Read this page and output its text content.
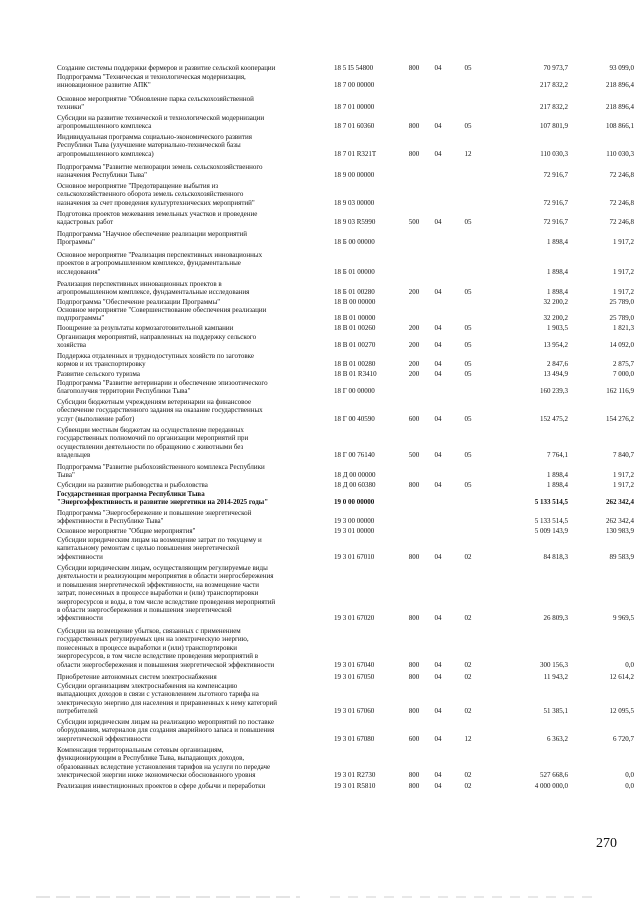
Создание системы поддержки фермеров и развитие сельской кооперации	18 5 I5 54800	800	04	05	70 973,7	93 099,0
Подпрограмма "Техническая и технологическая модернизация,
инновационное развитие АПК"	18 7 00 00000	217 832,2	218 896,4
Основное мероприятие "Обновление парка сельскохозяйственной
техники"	18 7 01 00000	217 832,2	218 896,4
Субсидии на развитие технической и технологической модернизации
агропромышленного комплекса	18 7 01 60360	800	04	05	107 801,9	108 866,1
Индивидуальная программа социально-экономического развития
Республики Тыва (улучшение материально-технической базы
агропромышленного комплекса)	18 7 01 R321T	800	04	12	110 030,3	110 030,3
Подпрограмма "Развитие мелиорации земель сельскохозяйственного
назначения Республики Тыва"	18 9 00 00000	72 916,7	72 246,8
Основное мероприятие "Предотвращение выбытия из
сельскохозяйственного оборота земель сельскохозяйственного
назначения за счет проведения культуртехнических мероприятий"	18 9 03 00000	72 916,7	72 246,8
Подготовка проектов межевания земельных участков и проведение
кадастровых работ	18 9 03 R5990	500	04	05	72 916,7	72 246,8
Подпрограмма "Научное обеспечение реализации мероприятий
Программы"	18 Б 00 00000	1 898,4	1 917,2
Основное мероприятие "Реализация перспективных инновационных
проектов в агропромышленном комплексе, фундаментальные
исследования"	18 Б 01 00000	1 898,4	1 917,2
Реализация перспективных инновационных проектов в
агропромышленном комплексе, фундаментальные исследования	18 Б 01 00280	200	04	05	1 898,4	1 917,2
Подпрограмма "Обеспечение реализации Программы"	18 В 00 00000	32 200,2	25 789,0
Основное мероприятие "Совершенствование обеспечения реализации
подпрограммы"	18 В 01 00000	32 200,2	25 789,0
Поощрение за результаты кормозаготовительной кампании	18 В 01 00260	200	04	05	1 903,5	1 821,3
Организация мероприятий, направленных на поддержку сельского
хозяйства	18 В 01 00270	200	04	05	13 954,2	14 092,0
Поддержка отдаленных и труднодоступных хозяйств по заготовке
кормов и их транспортировку	18 В 01 00280	200	04	05	2 847,6	2 875,7
Развитие сельского туризма	18 В 01 R3410	200	04	05	13 494,9	7 000,0
Подпрограмма "Развитие ветеринарии и обеспечение эпизоотического
благополучия территории Республики Тыва"	18 Г 00 00000	160 239,3	162 116,9
Субсидии бюджетным учреждениям ветеринарии на финансовое
обеспечение государственного задания на оказание государственных
услуг (выполнение работ)	18 Г 00 40590	600	04	05	152 475,2	154 276,2
Субвенции местным бюджетам на осуществление переданных
государственных полномочий по организации мероприятий при
осуществлении деятельности по обращению с животными без
владельцев	18 Г 00 76140	500	04	05	7 764,1	7 840,7
Подпрограмма "Развитие рыбохозяйственного комплекса Республики
Тыва"	18 Д 00 00000	1 898,4	1 917,2
Субсидии на развитие рыбоводства и рыболовства	18 Д 00 60380	800	04	05	1 898,4	1 917,2
Государственная программа Республики Тыва
"Энергоэффективность и развитие энергетики на 2014-2025 годы"	19 0 00 00000	5 133 514,5	262 342,4
Подпрограмма "Энергосбережение и повышение энергетической
эффективности в Республике Тыва"	19 3 00 00000	5 133 514,5	262 342,4
Основное мероприятие "Общие мероприятия"	19 3 01 00000	5 009 143,9	130 983,9
Субсидии юридическим лицам на возмещение затрат по текущему и
капитальному ремонтам с целью повышения энергетической
эффективности	19 3 01 67010	800	04	02	84 818,3	89 583,9
Субсидии юридическим лицам, осуществляющим регулируемые виды
деятельности и реализующим мероприятия в области энергосбережения
и повышения энергетической эффективности, на возмещение части
затрат, понесенных в процессе выработки и (или) транспортировки
энергоресурсов и воды, в том числе вследствие проведения мероприятий
в области энергосбережения и повышения энергетической
эффективности	19 3 01 67020	800	04	02	26 809,3	9 969,5
Субсидии на возмещение убытков, связанных с применением
государственных регулируемых цен на электрическую энергию,
понесенных в процессе выработки и (или) транспортировки
энергоресурсов, в том числе вследствие проведения мероприятий в
области энергосбережения и повышения энергетической эффективности	19 3 01 67040	800	04	02	300 156,3	0,0
Приобретение автономных систем электроснабжения	19 3 01 67050	800	04	02	11 943,2	12 614,2
Субсидии организациям электроснабжения на компенсацию
выпадающих доходов в связи с установлением льготного тарифа на
электрическую энергию для населения и приравненных к нему категорий
потребителей	19 3 01 67060	800	04	02	51 385,1	12 095,5
Субсидии юридическим лицам на реализацию мероприятий по поставке
оборудования, материалов для создания аварийного запаса и повышения
энергетической эффективности	19 3 01 67080	600	04	12	6 363,2	6 720,7
Компенсация территориальным сетевым организациям,
функционирующим в Республике Тыва, выпадающих доходов,
образованных вследствие установления тарифов на услуги по передаче
электрической энергии ниже экономически обоснованного уровня	19 3 01 R2730	800	04	02	527 668,6	0,0
Реализация инвестиционных проектов в сфере добычи и переработки	19 3 01 R5810	800	04	02	4 000 000,0	0,0
270
